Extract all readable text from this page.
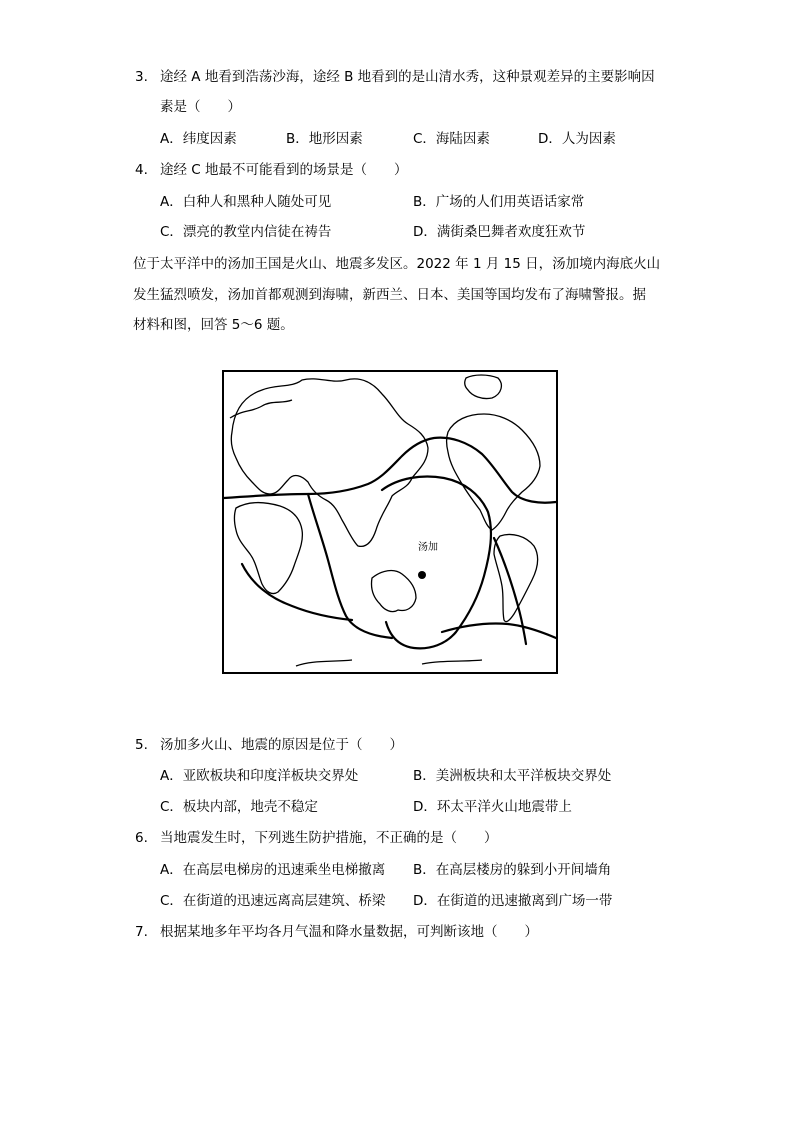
3. 途经 A 地看到浩荡沙海，途经 B 地看到的是山清水秀，这种景观差异的主要影响因
素是（　　）
A．纬度因素	B．地形因素	C．海陆因素	D．人为因素
4. 途经 C 地最不可能看到的场景是（　　）
A．白种人和黑种人随处可见	B．广场的人们用英语话家常
C．漂亮的教堂内信徒在祷告	D．满街桑巴舞者欢度狂欢节
位于太平洋中的汤加王国是火山、地震多发区。2022 年 1 月 15 日，汤加境内海底火山
发生猛烈喷发，汤加首都观测到海啸，新西兰、日本、美国等国均发布了海啸警报。据
材料和图，回答 5～6 题。
汤加
5. 汤加多火山、地震的原因是位于（　　）
A．亚欧板块和印度洋板块交界处	B．美洲板块和太平洋板块交界处
C．板块内部，地壳不稳定	D．环太平洋火山地震带上
6. 当地震发生时，下列逃生防护措施，不正确的是（　　）
A．在高层电梯房的迅速乘坐电梯撤离 B．在高层楼房的躲到小开间墙角
C．在街道的迅速远离高层建筑、桥梁 D．在街道的迅速撤离到广场一带
7. 根据某地多年平均各月气温和降水量数据，可判断该地（　　）
